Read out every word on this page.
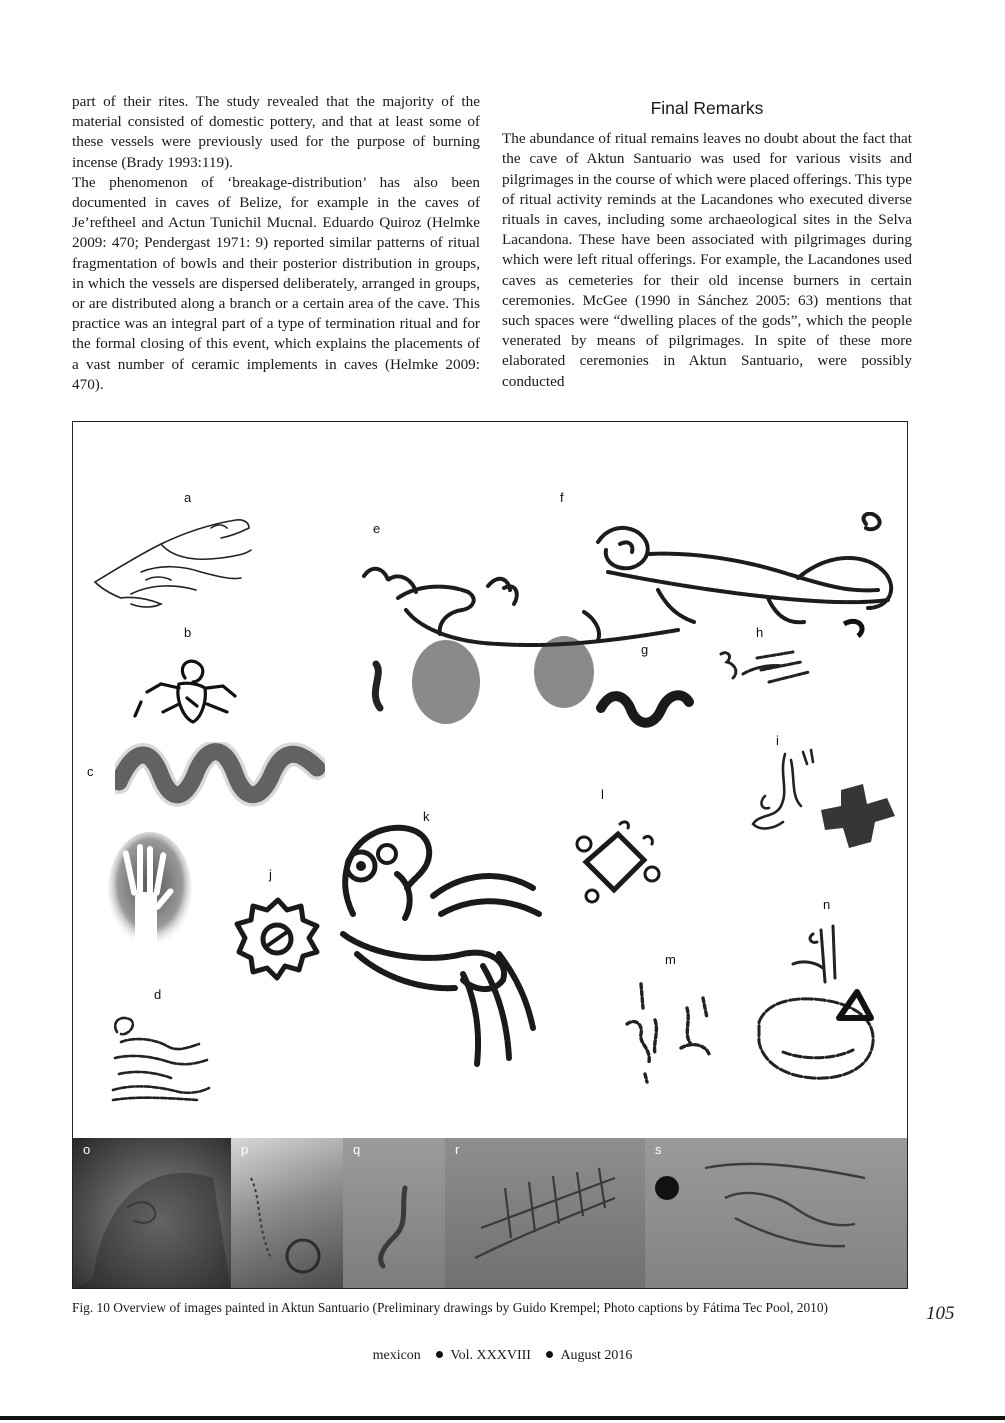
part of their rites. The study revealed that the majority of the material consisted of domestic pottery, and that at least some of these vessels were previously used for the purpose of burning incense (Brady 1993:119).

The phenomenon of ‘breakage-distribution’ has also been documented in caves of Belize, for example in the caves of Je’reftheel and Actun Tunichil Mucnal. Eduardo Quiroz (Helmke 2009: 470; Pendergast 1971: 9) reported similar patterns of ritual fragmentation of bowls and their posterior distribution in groups, in which the vessels are dispersed deliberately, arranged in groups, or are distributed along a branch or a certain area of the cave. This practice was an integral part of a type of termination ritual and for the formal closing of this event, which explains the placements of a vast number of ceramic implements in caves (Helmke 2009: 470).

Final Remarks

The abundance of ritual remains leaves no doubt about the fact that the cave of Aktun Santuario was used for various visits and pilgrimages in the course of which were placed offerings. This type of ritual activity reminds at the Lacandones who executed diverse rituals in caves, including some archaeological sites in the Selva Lacandona. These have been associated with pilgrimages during which were left ritual offerings. For example, the Lacandones used caves as cemeteries for their old incense burners in certain ceremonies. McGee (1990 in Sánchez 2005: 63) mentions that such spaces were “dwelling places of the gods”, which the people venerated by means of pilgrimages. In spite of these more elaborated ceremonies in Aktun Santuario, were possibly conducted

a
b
c
d
e
f
g
h
i
j
k
l
m
n
o	p	q	r	s
Fig. 10 Overview of images painted in Aktun Santuario (Preliminary drawings by Guido Krempel; Photo captions by Fátima Tec Pool, 2010)	105
mexicon Vol. XXXVIII August 2016
